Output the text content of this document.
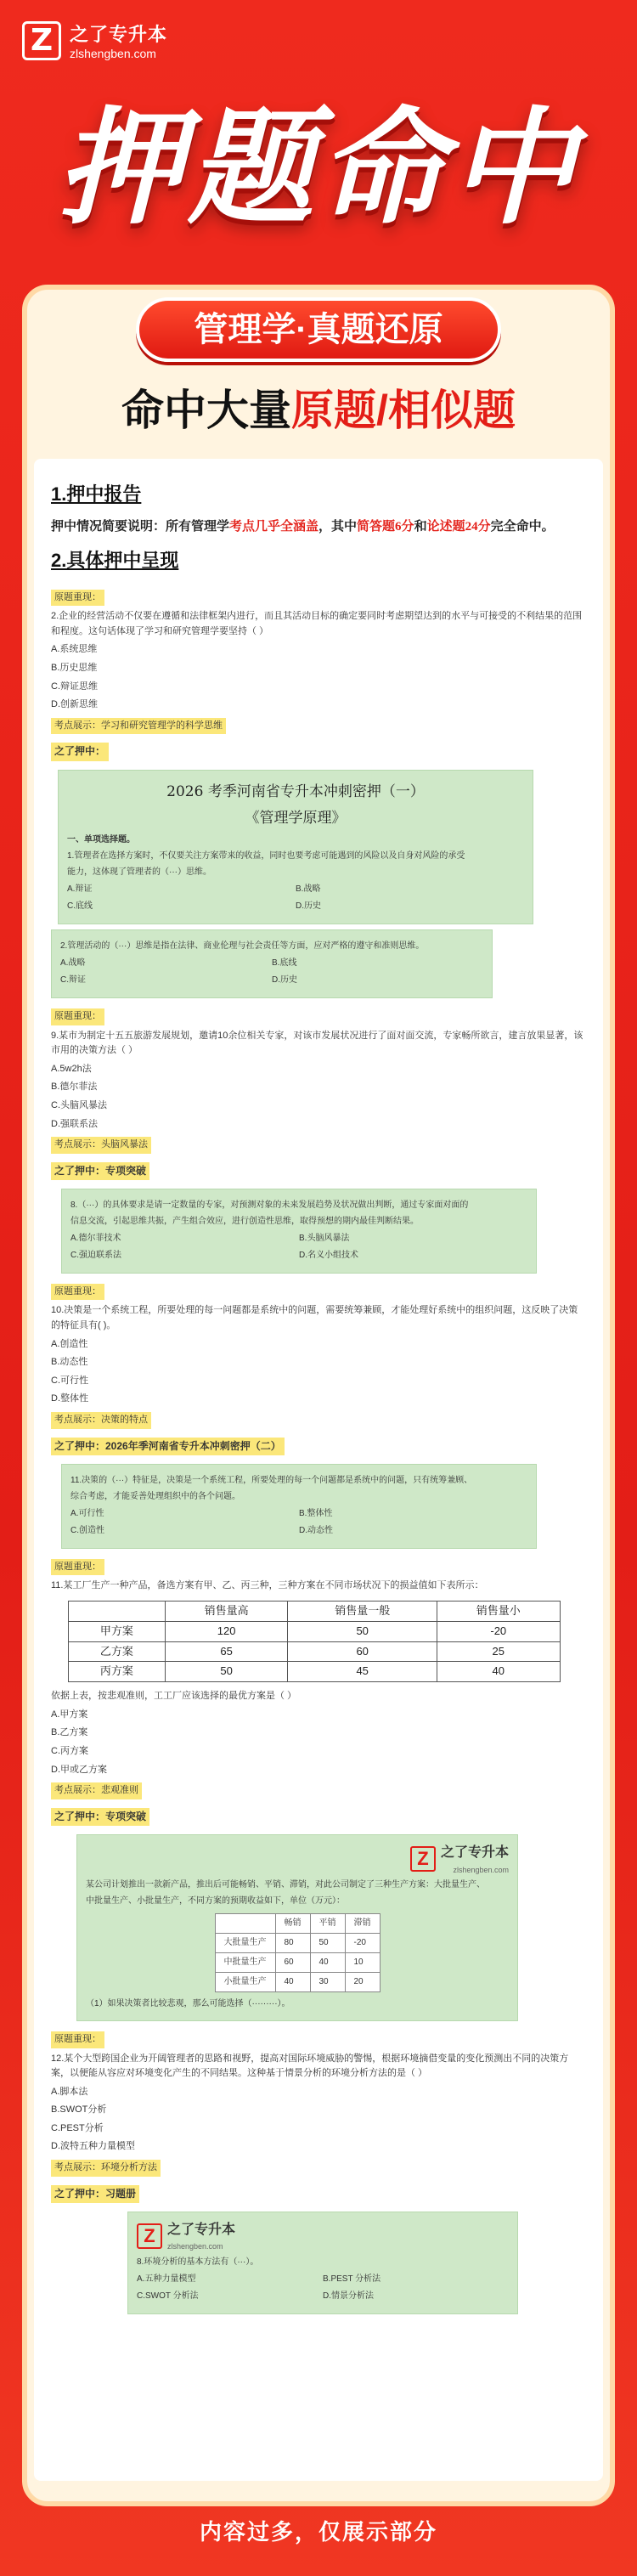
Z 之了专升本
zlshengben.com
押题命中
管理学·真题还原
命中大量原题/相似题
1.押中报告
押中情况简要说明：所有管理学考点几乎全涵盖，其中简答题6分和论述题24分完全命中。
2.具体押中呈现
原题重现：
2.企业的经营活动不仅要在遵循和法律框架内进行，而且其活动目标的确定要同时考虑期望达到的水平与可接受的不利结果的范围和程度。这句话体现了学习和研究管理学要坚持（ ）
A.系统思维
B.历史思维
C.辩证思维
D.创新思维
考点展示：学习和研究管理学的科学思维
之了押中：
2026 考季河南省专升本冲刺密押（一）
《管理学原理》
一、单项选择题。
1.管理者在选择方案时，不仅要关注方案带来的收益，同时也要考虑可能遇到的风险以及自身对风险的承受
能力，这体现了管理者的（···）思维。
A.辩证	B.战略
C.底线	D.历史
2.管理活动的（···）思维是指在法律、商业伦理与社会责任等方面，应对严格的遵守和准则思维。
A.战略	B.底线
C.辩证	D.历史
原题重现：
9.某市为制定十五五旅游发展规划，邀请10余位相关专家，对该市发展状况进行了面对面交流，专家畅所欲言，建言放果显著，该市用的决策方法（ ）
A.5w2h法
B.德尔菲法
C.头脑风暴法
D.强联系法
考点展示：头脑风暴法
之了押中：专项突破
8.（···）的具体要求是请一定数量的专家，对预测对象的未来发展趋势及状况做出判断，通过专家面对面的
信息交流，引起思维共振，产生组合效应，进行创造性思维，取得预想的期内最佳判断结果。
A.德尔菲技术	B.头脑风暴法
C.强迫联系法	D.名义小组技术
原题重现：
10.决策是一个系统工程，所要处理的每一问题都是系统中的问题，需要统筹兼顾，才能处理好系统中的组织问题，这反映了决策的特征具有( )。
A.创造性
B.动态性
C.可行性
D.整体性
考点展示：决策的特点
之了押中：2026年季河南省专升本冲刺密押（二）
11.决策的（···）特征是，决策是一个系统工程，所要处理的每一个问题都是系统中的问题，只有统筹兼顾、
综合考虑，才能妥善处理组织中的各个问题。
A.可行性	B.整体性
C.创造性	D.动态性
原题重现：
11.某工厂生产一种产品，备选方案有甲、乙、丙三种，三种方案在不同市场状况下的损益值如下表所示：
	销售量高	销售量一般	销售量小
甲方案	120	50	-20
乙方案	65	60	25
丙方案	50	45	40
依据上表，按悲观准则，工工厂应该选择的最优方案是（ ）
A.甲方案
B.乙方案
C.丙方案
D.甲或乙方案
考点展示：悲观准则
之了押中：专项突破
Z 之了专升本
zlshengben.com
某公司计划推出一款新产品，推出后可能畅销、平销、滞销，对此公司制定了三种生产方案：大批量生产、
中批量生产、小批量生产，不同方案的预期收益如下，单位（万元）：
	畅销	平销	滞销
大批量生产	80	50	-20
中批量生产	60	40	10
小批量生产	40	30	20
（1）如果决策者比较悲观，那么可能选择（·········）。
原题重现：
12.某个大型跨国企业为开阔管理者的思路和视野，提高对国际环境威胁的警惕，根据环境摘借变量的变化预测出不同的决策方案，以便能从容应对环境变化产生的不同结果。这种基于情景分析的环境分析方法的是（ ）
A.脚本法
B.SWOT分析
C.PEST分析
D.波特五种力量模型
考点展示：环境分析方法
之了押中：习题册
Z 之了专升本
zlshengben.com
8.环境分析的基本方法有（···）。
A.五种力量模型	B.PEST 分析法
C.SWOT 分析法	D.情景分析法
内容过多，仅展示部分
